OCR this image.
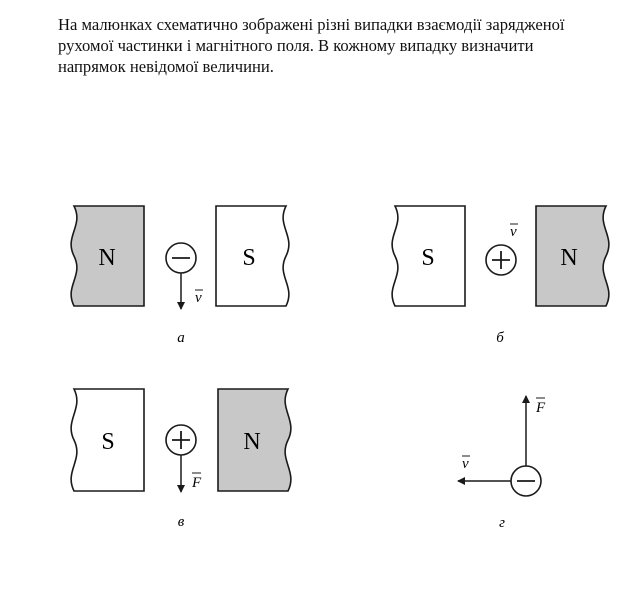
На малюнках схематично зображені різні випадки взаємодії зарядженої рухомої частинки і магнітного поля. В кожному випадку визначити напрямок невідомої величини.

N	S
v
а
S	N
v
б
S	N
F
в
F
v
г
